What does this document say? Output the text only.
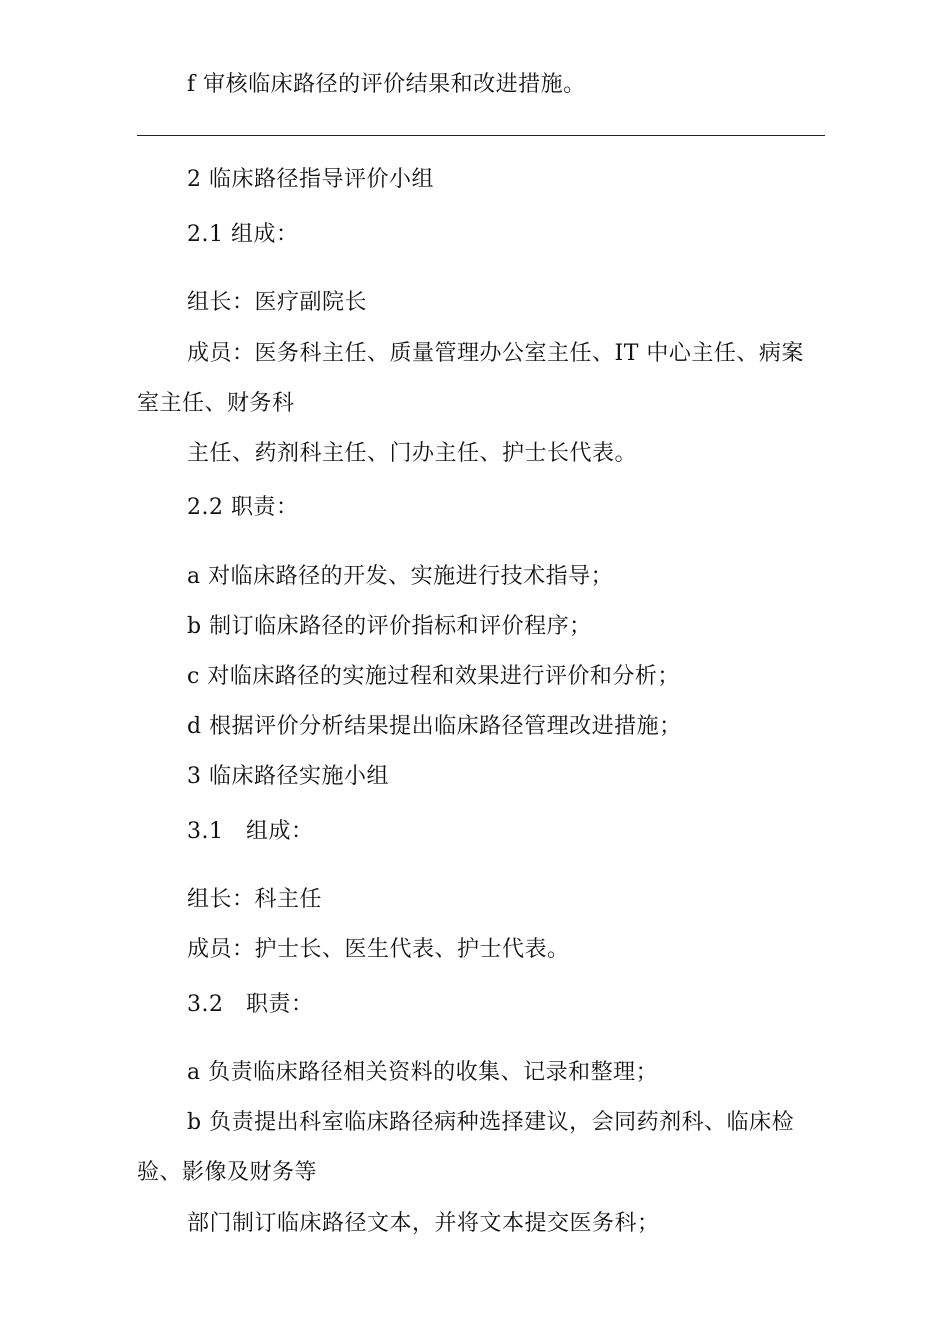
f 审核临床路径的评价结果和改进措施。
2 临床路径指导评价小组
2.1 组成：
组长：医疗副院长
成员：医务科主任、质量管理办公室主任、IT 中心主任、病案
室主任、财务科
主任、药剂科主任、门办主任、护士长代表。
2.2 职责：
a 对临床路径的开发、实施进行技术指导；
b 制订临床路径的评价指标和评价程序；
c 对临床路径的实施过程和效果进行评价和分析；
d 根据评价分析结果提出临床路径管理改进措施；
3 临床路径实施小组
3.1　组成：
组长：科主任
成员：护士长、医生代表、护士代表。
3.2　职责：
a 负责临床路径相关资料的收集、记录和整理；
b 负责提出科室临床路径病种选择建议，会同药剂科、临床检
验、影像及财务等
部门制订临床路径文本，并将文本提交医务科；
